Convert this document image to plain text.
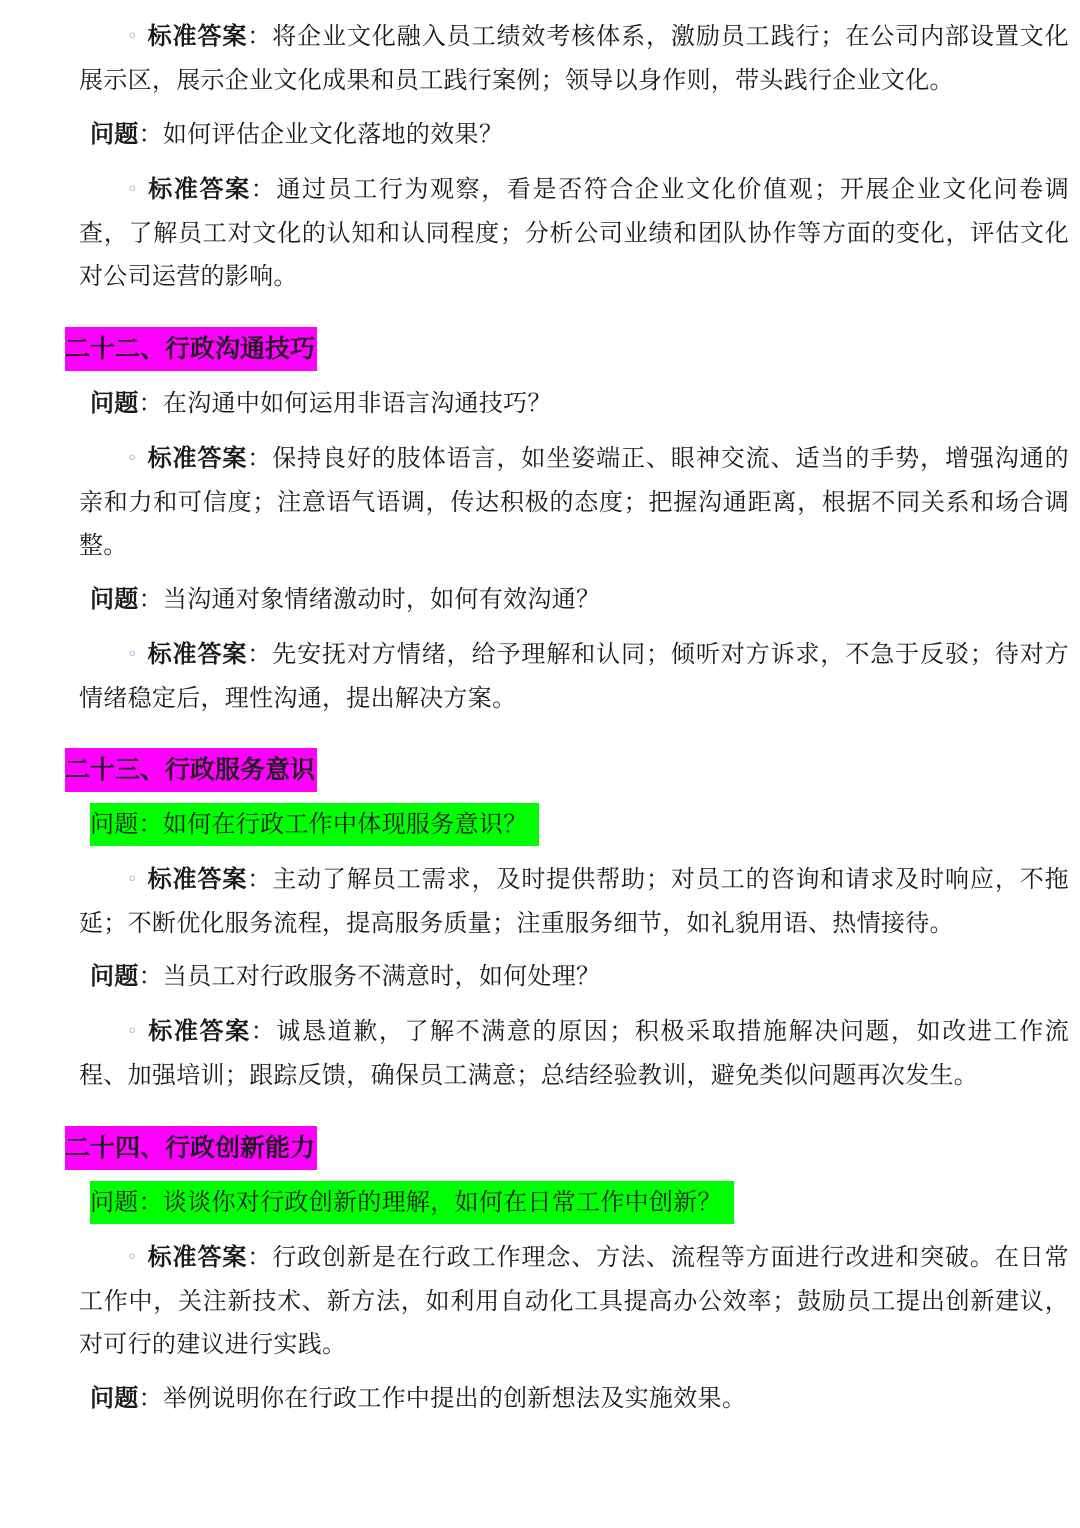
◦ 标准答案：将企业文化融入员工绩效考核体系，激励员工践行；在公司内部设置文化展示区，展示企业文化成果和员工践行案例；领导以身作则，带头践行企业文化。

问题：如何评估企业文化落地的效果？

◦ 标准答案：通过员工行为观察，看是否符合企业文化价值观；开展企业文化问卷调查，了解员工对文化的认知和认同程度；分析公司业绩和团队协作等方面的变化，评估文化对公司运营的影响。

二十二、行政沟通技巧

问题：在沟通中如何运用非语言沟通技巧？

◦ 标准答案：保持良好的肢体语言，如坐姿端正、眼神交流、适当的手势，增强沟通的亲和力和可信度；注意语气语调，传达积极的态度；把握沟通距离，根据不同关系和场合调整。

问题：当沟通对象情绪激动时，如何有效沟通？

◦ 标准答案：先安抚对方情绪，给予理解和认同；倾听对方诉求，不急于反驳；待对方情绪稳定后，理性沟通，提出解决方案。

二十三、行政服务意识

问题：如何在行政工作中体现服务意识？

◦ 标准答案：主动了解员工需求，及时提供帮助；对员工的咨询和请求及时响应，不拖延；不断优化服务流程，提高服务质量；注重服务细节，如礼貌用语、热情接待。

问题：当员工对行政服务不满意时，如何处理？

◦ 标准答案：诚恳道歉，了解不满意的原因；积极采取措施解决问题，如改进工作流程、加强培训；跟踪反馈，确保员工满意；总结经验教训，避免类似问题再次发生。

二十四、行政创新能力

问题：谈谈你对行政创新的理解，如何在日常工作中创新？

◦ 标准答案：行政创新是在行政工作理念、方法、流程等方面进行改进和突破。在日常工作中，关注新技术、新方法，如利用自动化工具提高办公效率；鼓励员工提出创新建议，对可行的建议进行实践。

问题：举例说明你在行政工作中提出的创新想法及实施效果。
